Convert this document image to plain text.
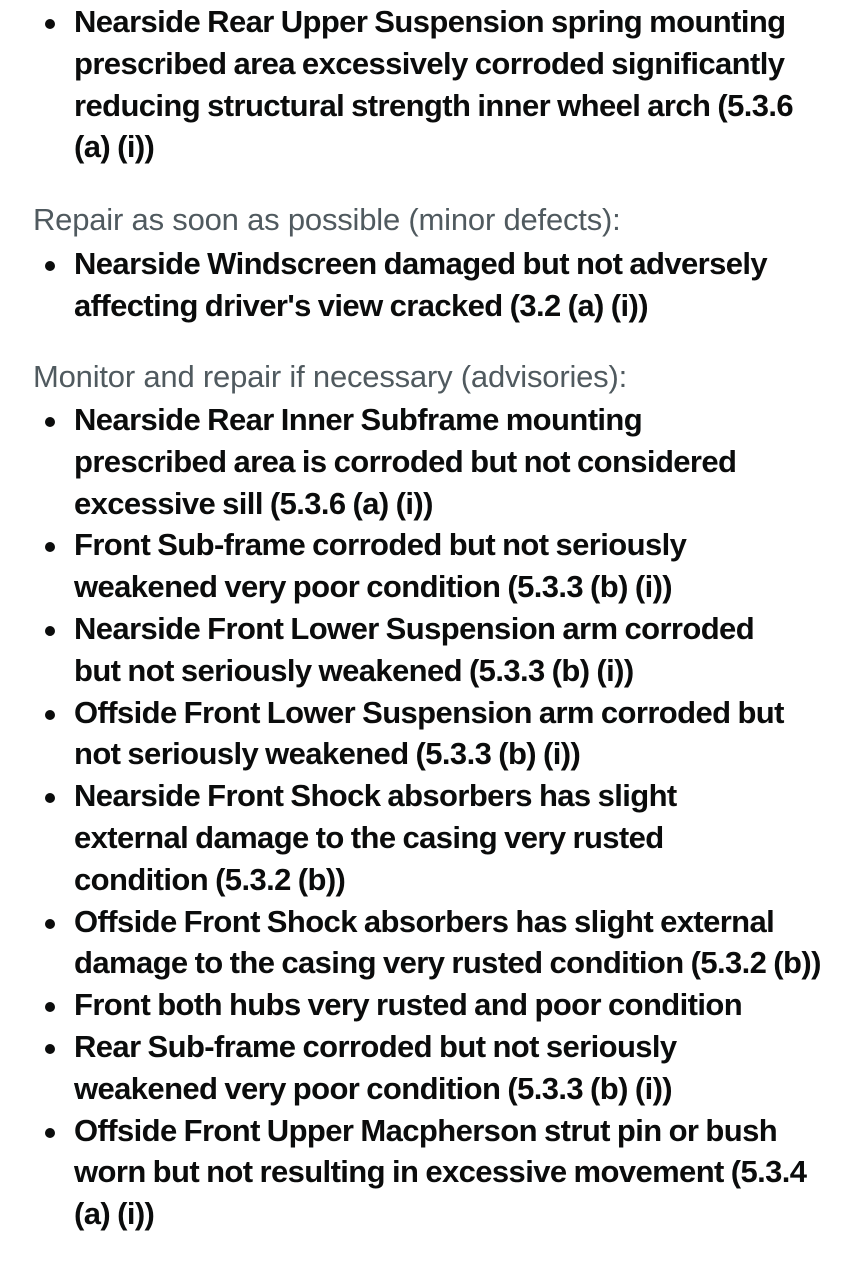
Nearside Rear Upper Suspension spring mounting prescribed area excessively corroded significantly reducing structural strength inner wheel arch (5.3.6 (a) (i))
Repair as soon as possible (minor defects):
Nearside Windscreen damaged but not adversely affecting driver's view cracked (3.2 (a) (i))
Monitor and repair if necessary (advisories):
Nearside Rear Inner Subframe mounting prescribed area is corroded but not considered excessive sill (5.3.6 (a) (i))
Front Sub-frame corroded but not seriously weakened very poor condition (5.3.3 (b) (i))
Nearside Front Lower Suspension arm corroded but not seriously weakened (5.3.3 (b) (i))
Offside Front Lower Suspension arm corroded but not seriously weakened (5.3.3 (b) (i))
Nearside Front Shock absorbers has slight external damage to the casing very rusted condition (5.3.2 (b))
Offside Front Shock absorbers has slight external damage to the casing very rusted condition (5.3.2 (b))
Front both hubs very rusted and poor condition
Rear Sub-frame corroded but not seriously weakened very poor condition (5.3.3 (b) (i))
Offside Front Upper Macpherson strut pin or bush worn but not resulting in excessive movement (5.3.4 (a) (i))
